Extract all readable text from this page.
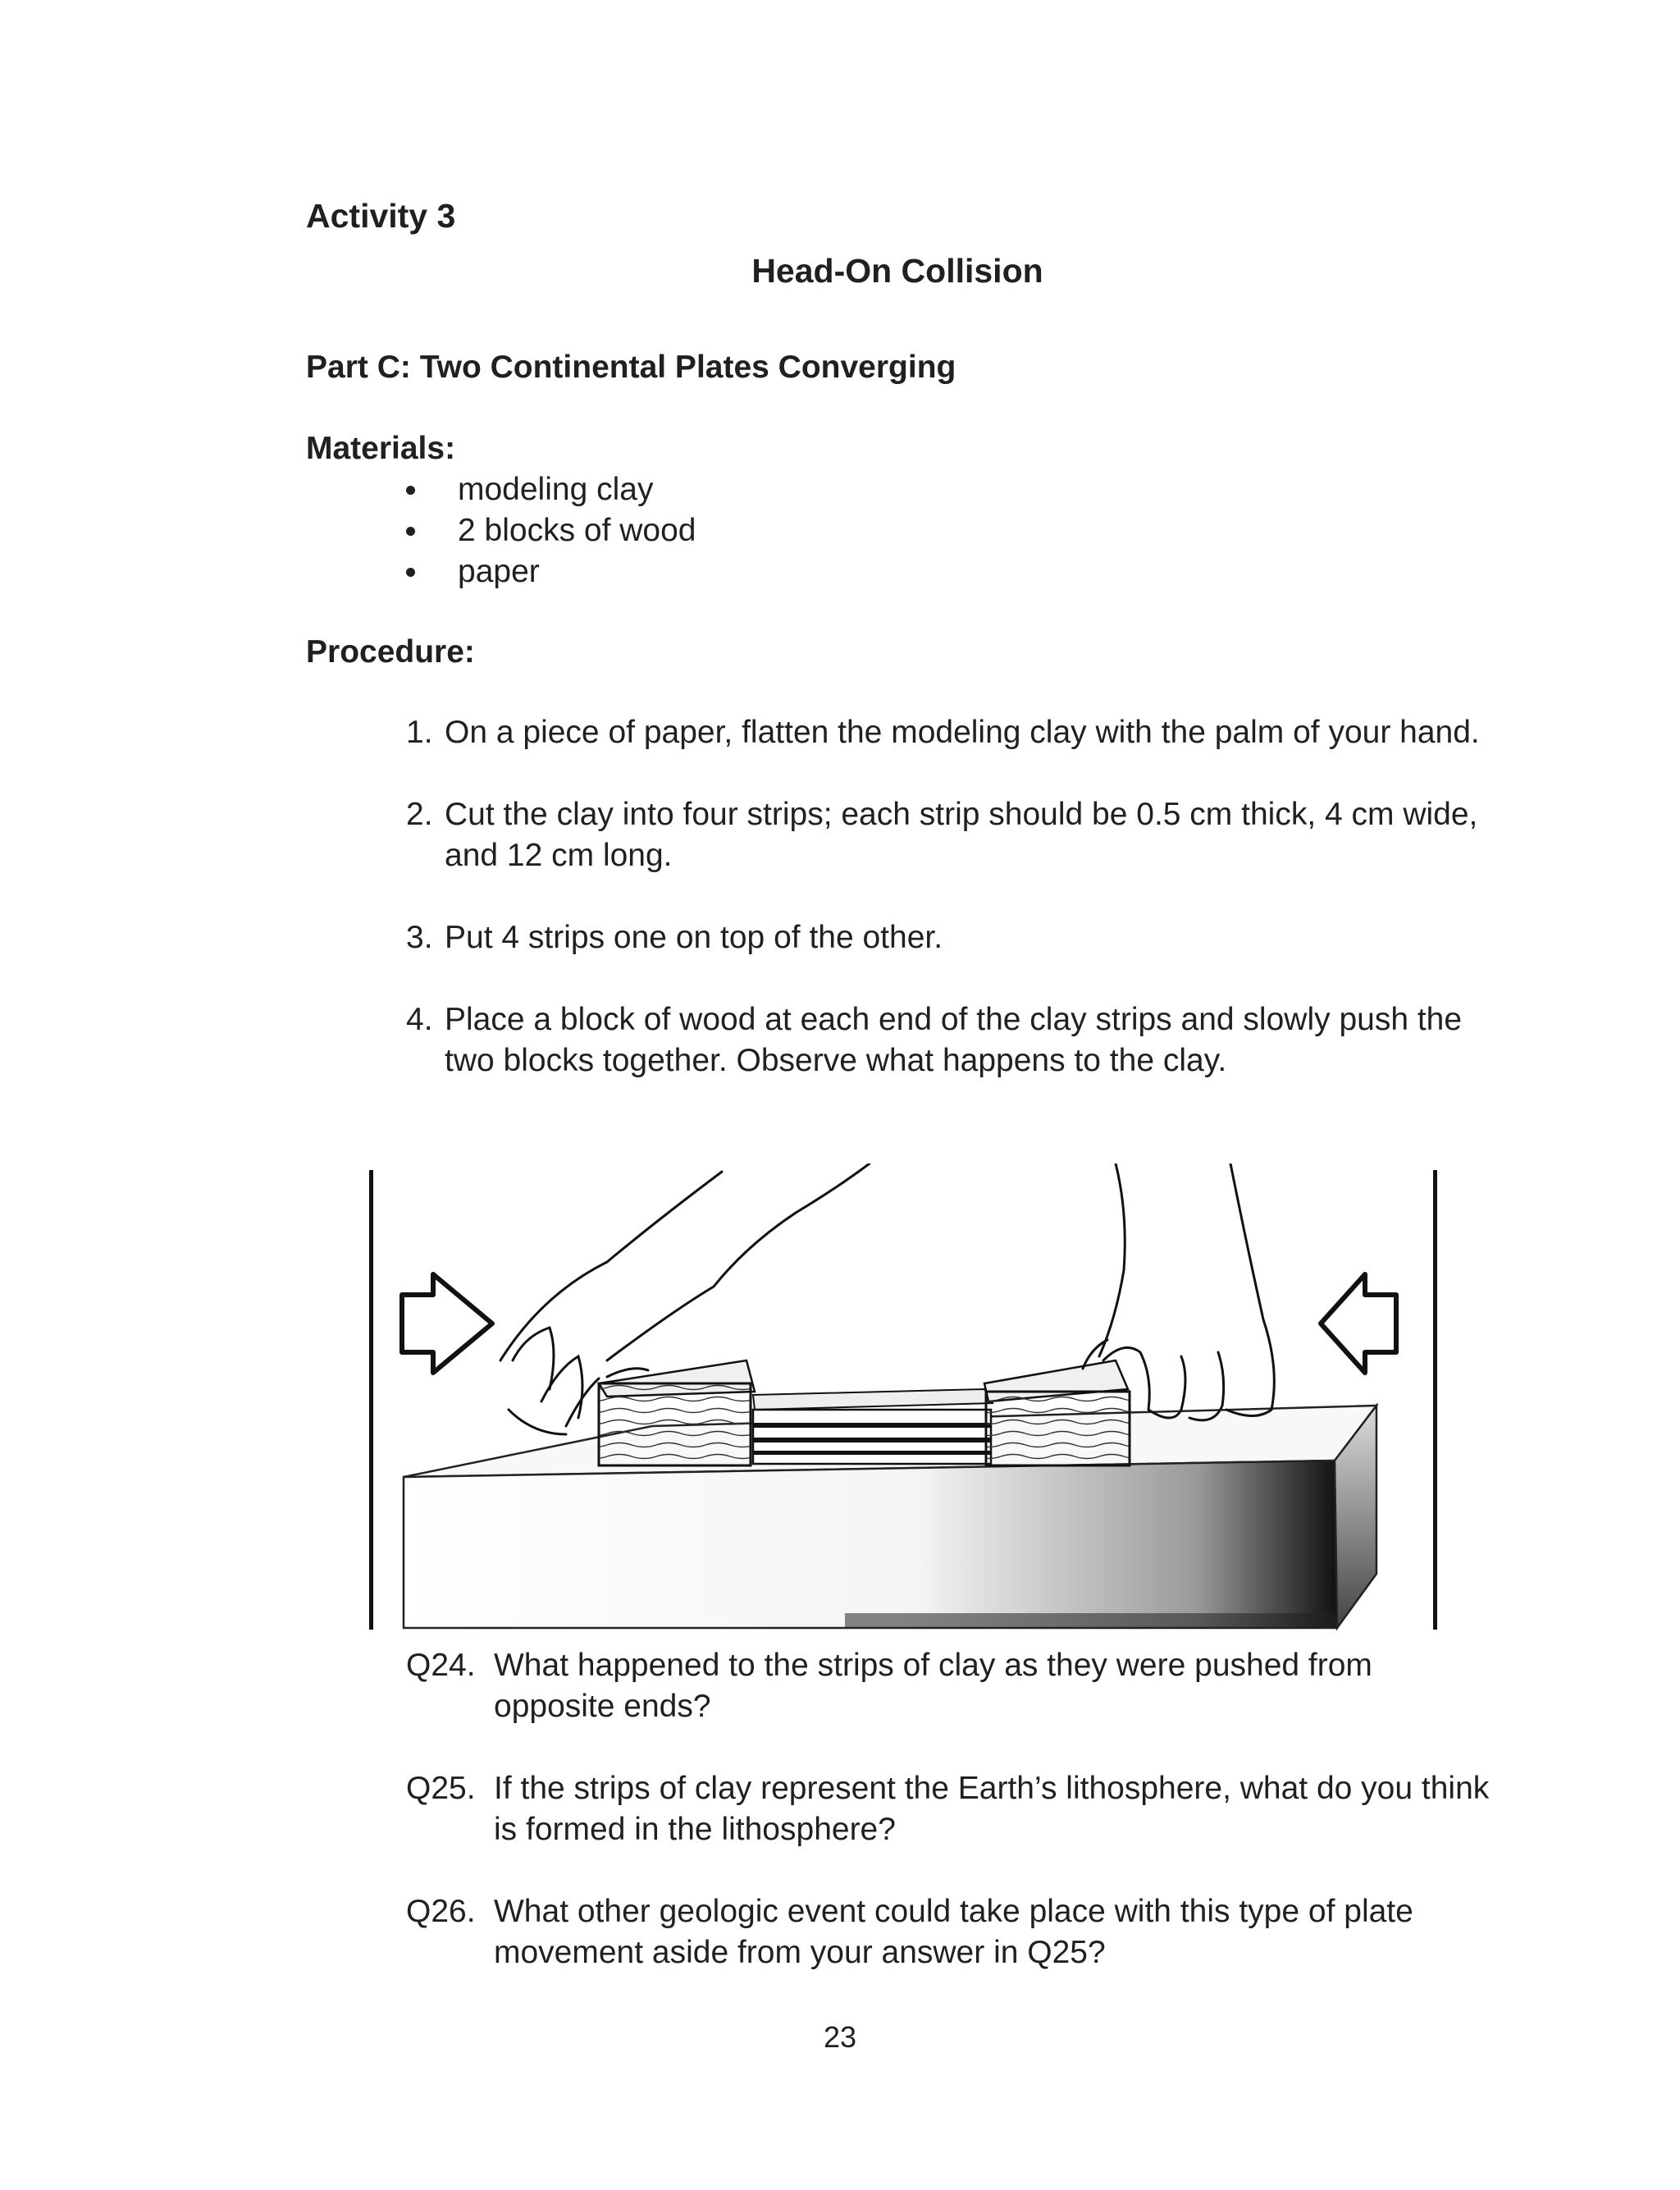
Activity 3
Head-On Collision
Part C: Two Continental Plates Converging
Materials:
modeling clay
2 blocks of wood
paper
Procedure:
1. On a piece of paper, flatten the modeling clay with the palm of your hand.
2. Cut the clay into four strips; each strip should be 0.5 cm thick, 4 cm wide, and 12 cm long.
3. Put 4 strips one on top of the other.
4. Place a block of wood at each end of the clay strips and slowly push the two blocks together. Observe what happens to the clay.
Q24. What happened to the strips of clay as they were pushed from opposite ends?
Q25. If the strips of clay represent the Earth’s lithosphere, what do you think is formed in the lithosphere?
Q26. What other geologic event could take place with this type of plate movement aside from your answer in Q25?
23
